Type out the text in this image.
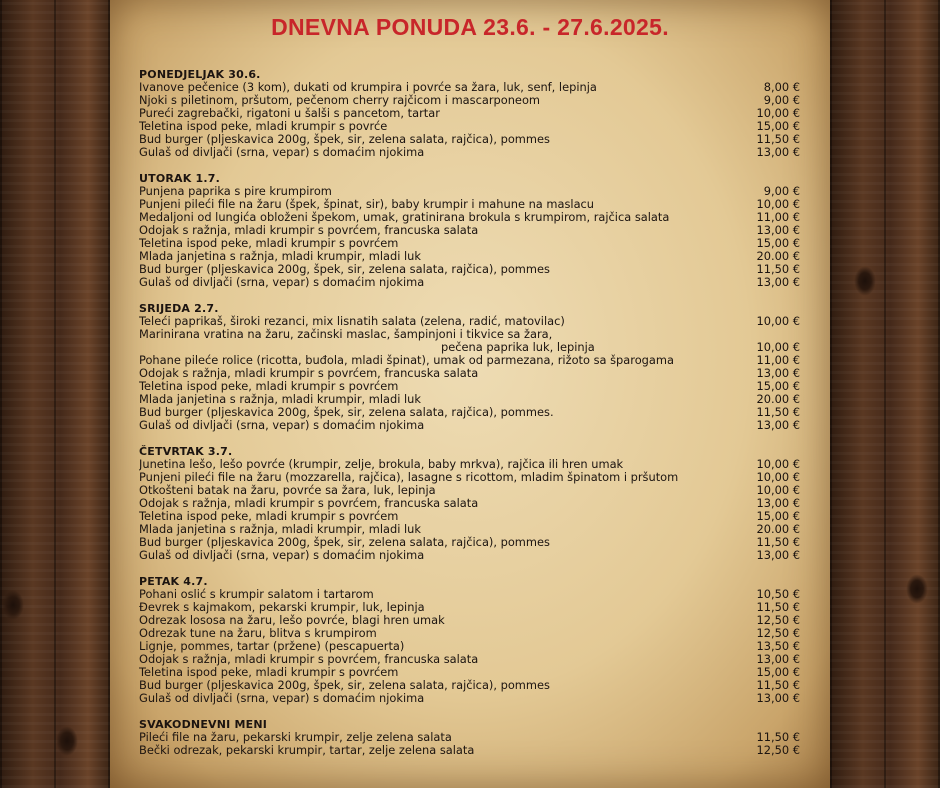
DNEVNA PONUDA 23.6. - 27.6.2025.
PONEDJELJAK 30.6.
Ivanove pečenice (3 kom), dukati od krumpira i povrće sa žara, luk, senf, lepinja	8,00 €
Njoki s piletinom, pršutom, pečenom cherry rajčicom i mascarponeom	9,00 €
Pureći zagrebački, rigatoni u šalši s pancetom, tartar	10,00 €
Teletina ispod peke, mladi krumpir s povrće	15,00 €
Bud burger (pljeskavica 200g, špek, sir, zelena salata, rajčica), pommes	11,50 €
Gulaš od divljači (srna, vepar) s domaćim njokima	13,00 €
UTORAK 1.7.
Punjena paprika s pire krumpirom	9,00 €
Punjeni pileći file na žaru (špek, špinat, sir), baby krumpir i mahune na maslacu	10,00 €
Medaljoni od lungića obloženi špekom, umak, gratinirana brokula s krumpirom, rajčica salata	11,00 €
Odojak s ražnja, mladi krumpir s povrćem, francuska salata	13,00 €
Teletina ispod peke, mladi krumpir s povrćem	15,00 €
Mlada janjetina s ražnja, mladi krumpir, mladi luk	20.00 €
Bud burger (pljeskavica 200g, špek, sir, zelena salata, rajčica), pommes	11,50 €
Gulaš od divljači (srna, vepar) s domaćim njokima	13,00 €
SRIJEDA 2.7.
Teleći paprikaš, široki rezanci, mix lisnatih salata (zelena, radić, matovilac)	10,00 €
Marinirana vratina na žaru, začinski maslac, šampinjoni i tikvice sa žara,
pečena paprika luk, lepinja	10,00 €
Pohane pileće rolice (ricotta, buđola, mladi špinat), umak od parmezana, rižoto sa šparogama	11,00 €
Odojak s ražnja, mladi krumpir s povrćem, francuska salata	13,00 €
Teletina ispod peke, mladi krumpir s povrćem	15,00 €
Mlada janjetina s ražnja, mladi krumpir, mladi luk	20.00 €
Bud burger (pljeskavica 200g, špek, sir, zelena salata, rajčica), pommes.	11,50 €
Gulaš od divljači (srna, vepar) s domaćim njokima	13,00 €
ČETVRTAK 3.7.
Junetina lešo, lešo povrće (krumpir, zelje, brokula, baby mrkva), rajčica ili hren umak	10,00 €
Punjeni pileći file na žaru (mozzarella, rajčica), lasagne s ricottom, mladim špinatom i pršutom	10,00 €
Otkošteni batak na žaru, povrće sa žara, luk, lepinja	10,00 €
Odojak s ražnja, mladi krumpir s povrćem, francuska salata	13,00 €
Teletina ispod peke, mladi krumpir s povrćem	15,00 €
Mlada janjetina s ražnja, mladi krumpir, mladi luk	20.00 €
Bud burger (pljeskavica 200g, špek, sir, zelena salata, rajčica), pommes	11,50 €
Gulaš od divljači (srna, vepar) s domaćim njokima	13,00 €
PETAK 4.7.
Pohani oslić s krumpir salatom i tartarom	10,50 €
Đevrek s kajmakom, pekarski krumpir, luk, lepinja	11,50 €
Odrezak lososa na žaru, lešo povrće, blagi hren umak	12,50 €
Odrezak tune na žaru, blitva s krumpirom	12,50 €
Lignje, pommes, tartar (pržene) (pescapuerta)	13,50 €
Odojak s ražnja, mladi krumpir s povrćem, francuska salata	13,00 €
Teletina ispod peke, mladi krumpir s povrćem	15,00 €
Bud burger (pljeskavica 200g, špek, sir, zelena salata, rajčica), pommes	11,50 €
Gulaš od divljači (srna, vepar) s domaćim njokima	13,00 €
SVAKODNEVNI MENI
Pileći file na žaru, pekarski krumpir, zelje zelena salata	11,50 €
Bečki odrezak, pekarski krumpir, tartar, zelje zelena salata	12,50 €
